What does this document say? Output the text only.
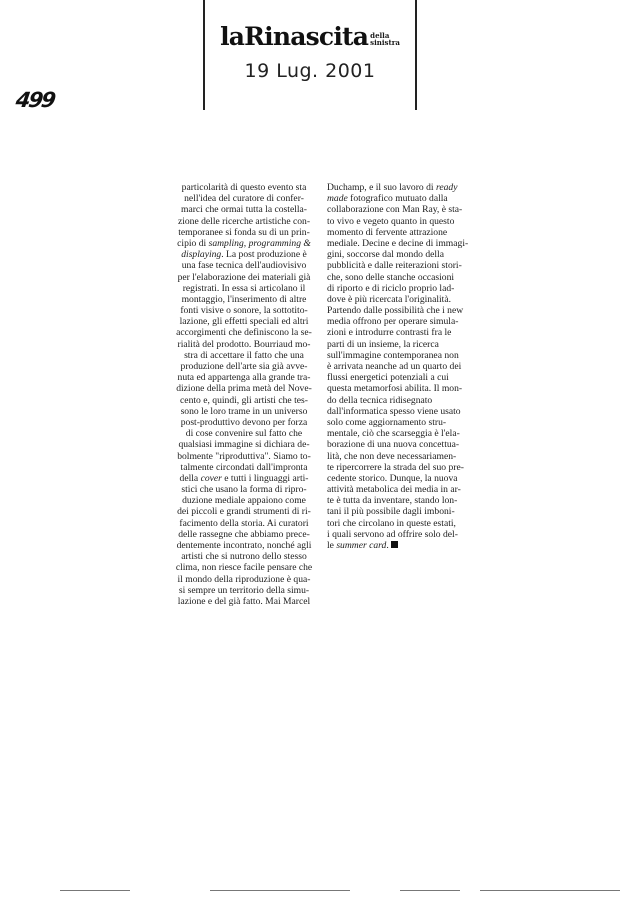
laRinascita della
sinistra
19 Lug. 2001
499
particolarità di questo evento sta
nell'idea del curatore di confer-
marci che ormai tutta la costella-
zione delle ricerche artistiche con-
temporanee si fonda su di un prin-
cipio di sampling, programming &
displaying. La post produzione è
una fase tecnica dell'audiovisivo
per l'elaborazione dei materiali già
registrati. In essa si articolano il
montaggio, l'inserimento di altre
fonti visive o sonore, la sottotito-
lazione, gli effetti speciali ed altri
accorgimenti che definiscono la se-
rialità del prodotto. Bourriaud mo-
stra di accettare il fatto che una
produzione dell'arte sia già avve-
nuta ed appartenga alla grande tra-
dizione della prima metà del Nove-
cento e, quindi, gli artisti che tes-
sono le loro trame in un universo
post-produttivo devono per forza
di cose convenire sul fatto che
qualsiasi immagine si dichiara de-
bolmente "riproduttiva". Siamo to-
talmente circondati dall'impronta
della cover e tutti i linguaggi arti-
stici che usano la forma di ripro-
duzione mediale appaiono come
dei piccoli e grandi strumenti di ri-
facimento della storia. Ai curatori
delle rassegne che abbiamo prece-
dentemente incontrato, nonché agli
artisti che si nutrono dello stesso
clima, non riesce facile pensare che
il mondo della riproduzione è qua-
si sempre un territorio della simu-
lazione e del già fatto. Mai Marcel
Duchamp, e il suo lavoro di ready
made fotografico mutuato dalla
collaborazione con Man Ray, è sta-
to vivo e vegeto quanto in questo
momento di fervente attrazione
mediale. Decine e decine di immagi-
gini, soccorse dal mondo della
pubblicità e dalle reiterazioni stori-
che, sono delle stanche occasioni
di riporto e di riciclo proprio lad-
dove è più ricercata l'originalità.
Partendo dalle possibilità che i new
media offrono per operare simula-
zioni e introdurre contrasti fra le
parti di un insieme, la ricerca
sull'immagine contemporanea non
è arrivata neanche ad un quarto dei
flussi energetici potenziali a cui
questa metamorfosi abilita. Il mon-
do della tecnica ridisegnato
dall'informatica spesso viene usato
solo come aggiornamento stru-
mentale, ciò che scarseggia è l'ela-
borazione di una nuova concettua-
lità, che non deve necessariamen-
te ripercorrere la strada del suo pre-
cedente storico. Dunque, la nuova
attività metabolica dei media in ar-
te è tutta da inventare, stando lon-
tani il più possibile dagli imboni-
tori che circolano in queste estati,
i quali servono ad offrire solo del-
le summer card.
